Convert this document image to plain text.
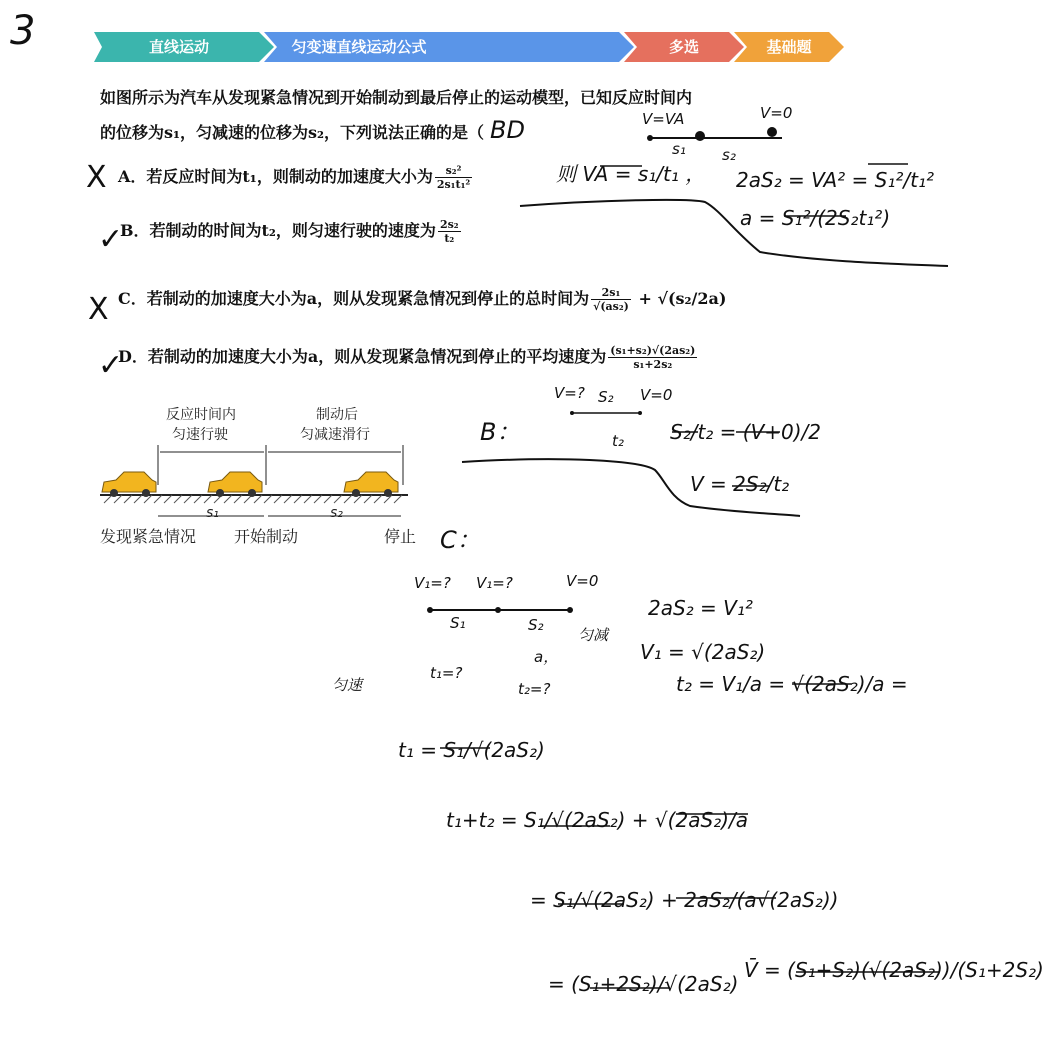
3	直线运动	匀变速直线运动公式	多选	基础题
如图所示为汽车从发现紧急情况到开始制动到最后停止的运动模型，已知反应时间内
的位移为s₁，匀减速的位移为s₂，下列说法正确的是（ BD
X A．若反应时间为t₁，则制动的加速度大小为 $\frac{\text{s₂²}}{\text{2s₁t₁²}}$
✓
B．若制动的时间为t₂，则匀速行驶的速度为 $\frac{\text{2s₂}}{\text{t₂}}$
X C．若制动的加速度大小为a，则从发现紧急情况到停止的总时间为 $\frac{\text{2s₁}}{\text{√(as₂)}} + √(s_2/2a)$
✓
D．若制动的加速度大小为a，则从发现紧急情况到停止的平均速度为 $\frac{\text{(s₁+s₂)√(2as₂)}}{\text{s₁+2s₂}}$
反应时间内
匀速行驶
制动后
匀减速滑行
s₁	s₂
发现紧急情况 开始制动	停止
V=VA	V=0
s₁ s₂
则 VA = s₁/t₁ ， 2aS₂ = VA² = S₁²/t₁²
a = S₁²/(2S₂t₁²)
B：
V=? S₂ V=0
t₂ S₂/t₂ = (V+0)/2
V = 2S₂/t₂
C：
V₁=? V₁=?	V=0
S₁	S₂
匀减
匀速
t₁=?
a，
t₂=?
2aS₂ = V₁²
V₁ = √(2aS₂)
t₂ = V₁/a = √(2aS₂)/a =
t₁ = S₁/√(2aS₂)
t₁+t₂ = S₁/√(2aS₂) + √(2aS₂)/a
= S₁/√(2aS₂) + 2aS₂/(a√(2aS₂))
= (S₁+2S₂)/√(2aS₂)
V̄ = (S₁+S₂)(√(2aS₂))/(S₁+2S₂)
